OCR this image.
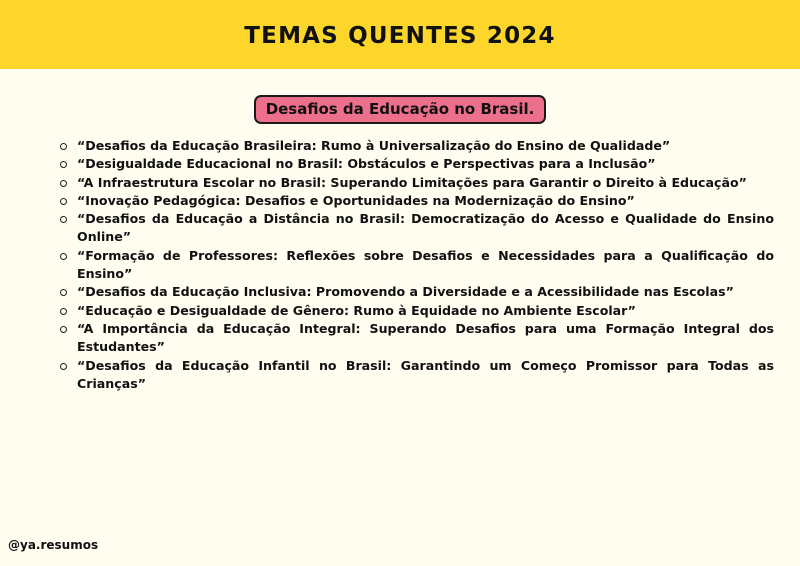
TEMAS QUENTES 2024
Desafios da Educação no Brasil.
“Desafios da Educação Brasileira: Rumo à Universalização do Ensino de Qualidade”
“Desigualdade Educacional no Brasil: Obstáculos e Perspectivas para a Inclusão”
“A Infraestrutura Escolar no Brasil: Superando Limitações para Garantir o Direito à Educação”
“Inovação Pedagógica: Desafios e Oportunidades na Modernização do Ensino”
“Desafios da Educação a Distância no Brasil: Democratização do Acesso e Qualidade do Ensino Online”
“Formação de Professores: Reflexões sobre Desafios e Necessidades para a Qualificação do Ensino”
“Desafios da Educação Inclusiva: Promovendo a Diversidade e a Acessibilidade nas Escolas”
“Educação e Desigualdade de Gênero: Rumo à Equidade no Ambiente Escolar”
“A Importância da Educação Integral: Superando Desafios para uma Formação Integral dos Estudantes”
“Desafios da Educação Infantil no Brasil: Garantindo um Começo Promissor para Todas as Crianças”
@ya.resumos
